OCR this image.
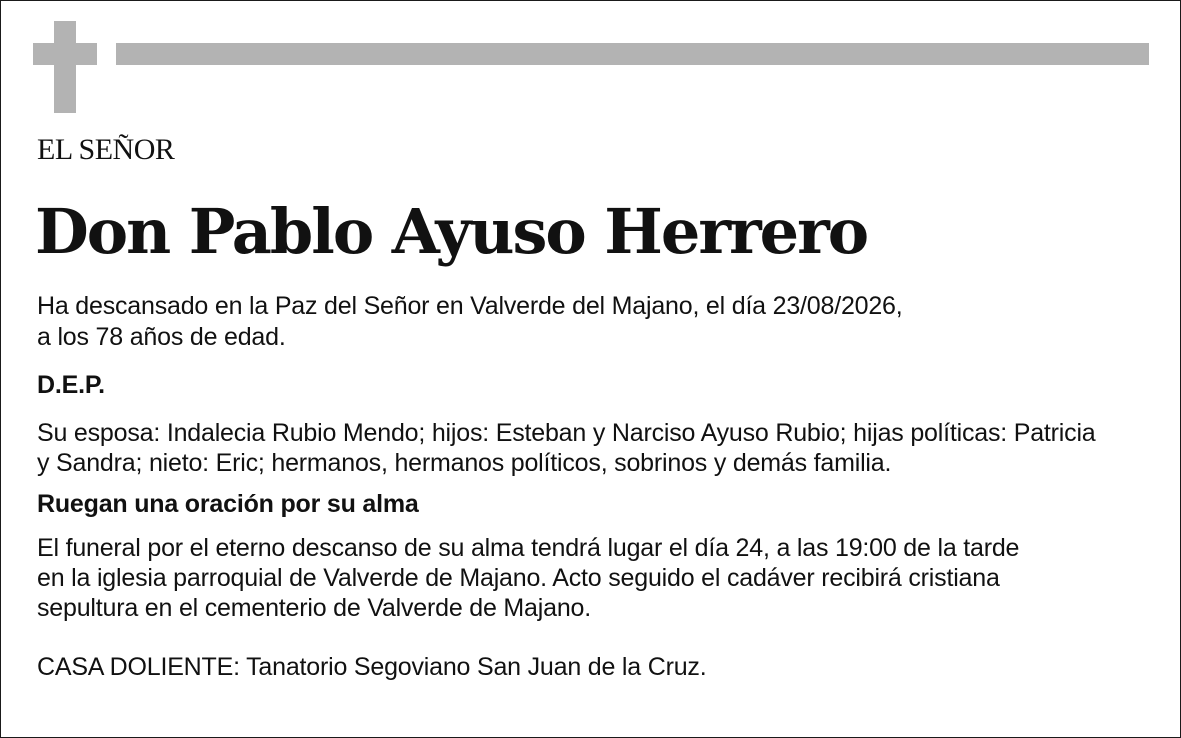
EL SEÑOR
Don Pablo Ayuso Herrero
Ha descansado en la Paz del Señor en Valverde del Majano, el día 23/08/2026,
a los 78 años de edad.
D.E.P.
Su esposa: Indalecia Rubio Mendo; hijos: Esteban y Narciso Ayuso Rubio; hijas políticas: Patricia
y Sandra; nieto: Eric; hermanos, hermanos políticos, sobrinos y demás familia.
Ruegan una oración por su alma
El funeral por el eterno descanso de su alma tendrá lugar el día 24, a las 19:00 de la tarde
en la iglesia parroquial de Valverde de Majano. Acto seguido el cadáver recibirá cristiana
sepultura en el cementerio de Valverde de Majano.
CASA DOLIENTE: Tanatorio Segoviano San Juan de la Cruz.
